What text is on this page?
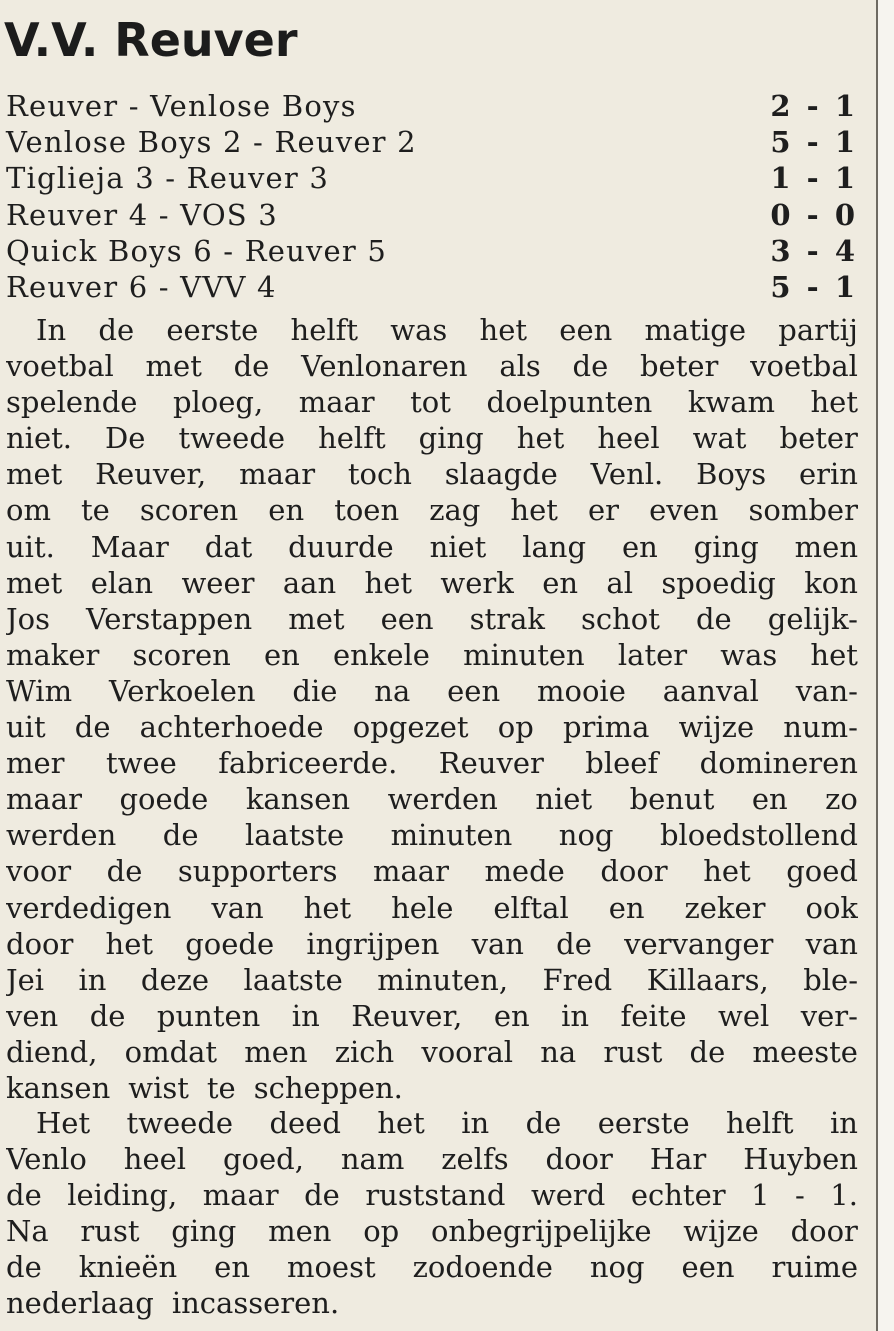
V.V. Reuver
Reuver - Venlose Boys	2 - 1
Venlose Boys 2 - Reuver 2	5 - 1
Tiglieja 3 - Reuver 3	1 - 1
Reuver 4 - VOS 3	0 - 0
Quick Boys 6 - Reuver 5	3 - 4
Reuver 6 - VVV 4	5 - 1
In de eerste helft was het een matige partij
voetbal met de Venlonaren als de beter voetbal
spelende ploeg, maar tot doelpunten kwam het
niet. De tweede helft ging het heel wat beter
met Reuver, maar toch slaagde Venl. Boys erin
om te scoren en toen zag het er even somber
uit. Maar dat duurde niet lang en ging men
met elan weer aan het werk en al spoedig kon
Jos Verstappen met een strak schot de gelijk-
maker scoren en enkele minuten later was het
Wim Verkoelen die na een mooie aanval van-
uit de achterhoede opgezet op prima wijze num-
mer twee fabriceerde. Reuver bleef domineren
maar goede kansen werden niet benut en zo
werden de laatste minuten nog bloedstollend
voor de supporters maar mede door het goed
verdedigen van het hele elftal en zeker ook
door het goede ingrijpen van de vervanger van
Jei in deze laatste minuten, Fred Killaars, ble-
ven de punten in Reuver, en in feite wel ver-
diend, omdat men zich vooral na rust de meeste
kansen wist te scheppen.
Het tweede deed het in de eerste helft in
Venlo heel goed, nam zelfs door Har Huyben
de leiding, maar de ruststand werd echter 1 - 1.
Na rust ging men op onbegrijpelijke wijze door
de knieën en moest zodoende nog een ruime
nederlaag incasseren.
